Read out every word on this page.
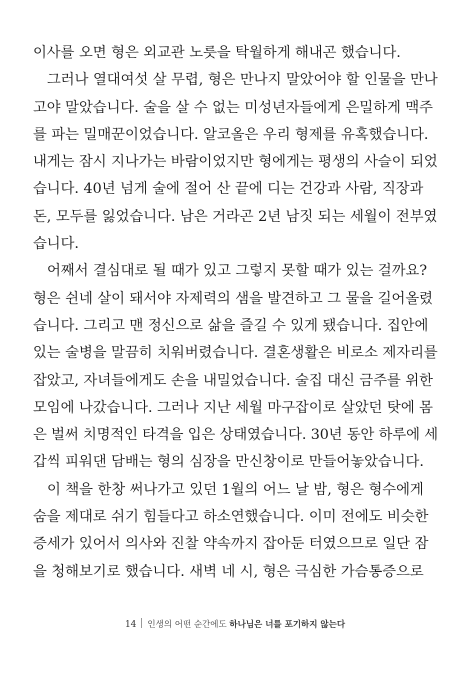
이사를 오면 형은 외교관 노릇을 탁월하게 해내곤 했습니다.
그러나 열대여섯 살 무렵, 형은 만나지 말았어야 할 인물을 만나
고야 말았습니다. 술을 살 수 없는 미성년자들에게 은밀하게 맥주
를 파는 밀매꾼이었습니다. 알코올은 우리 형제를 유혹했습니다.
내게는 잠시 지나가는 바람이었지만 형에게는 평생의 사슬이 되었
습니다. 40년 넘게 술에 절어 산 끝에 디는 건강과 사람, 직장과
돈, 모두를 잃었습니다. 남은 거라곤 2년 남짓 되는 세월이 전부였
습니다.
어째서 결심대로 될 때가 있고 그렇지 못할 때가 있는 걸까요?
형은 쉰네 살이 돼서야 자제력의 샘을 발견하고 그 물을 길어올렸
습니다. 그리고 맨 정신으로 삶을 즐길 수 있게 됐습니다. 집안에
있는 술병을 말끔히 치워버렸습니다. 결혼생활은 비로소 제자리를
잡았고, 자녀들에게도 손을 내밀었습니다. 술집 대신 금주를 위한
모임에 나갔습니다. 그러나 지난 세월 마구잡이로 살았던 탓에 몸
은 벌써 치명적인 타격을 입은 상태였습니다. 30년 동안 하루에 세
갑씩 피워댄 담배는 형의 심장을 만신창이로 만들어놓았습니다.
이 책을 한창 써나가고 있던 1월의 어느 날 밤, 형은 형수에게
숨을 제대로 쉬기 힘들다고 하소연했습니다. 이미 전에도 비슷한
증세가 있어서 의사와 진찰 약속까지 잡아둔 터였으므로 일단 잠
을 청해보기로 했습니다. 새벽 네 시, 형은 극심한 가슴통증으로
14 인생의 어떤 순간에도 하나님은 너를 포기하지 않는다
